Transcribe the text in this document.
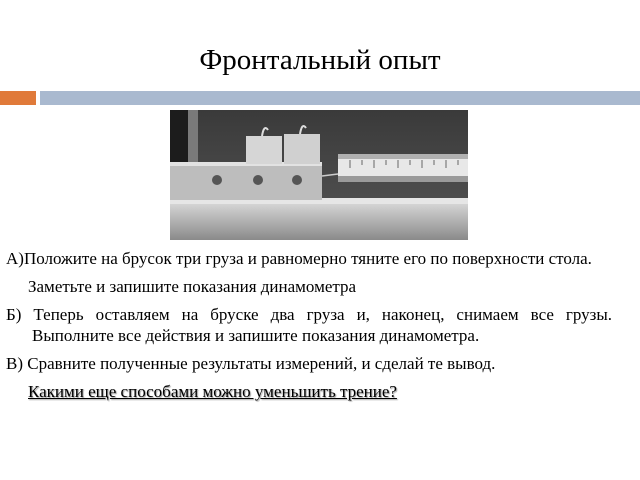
Фронтальный опыт
А)Положите на брусок три груза и равномерно тяните его по поверхности стола.
Заметьте и запишите показания динамометра
Б) Теперь оставляем на бруске два груза и, наконец, снимаем все грузы. Выполните все действия и запишите показания динамометра.
В) Сравните полученные результаты измерений, и сделай те вывод.
Какими еще способами можно уменьшить трение?
